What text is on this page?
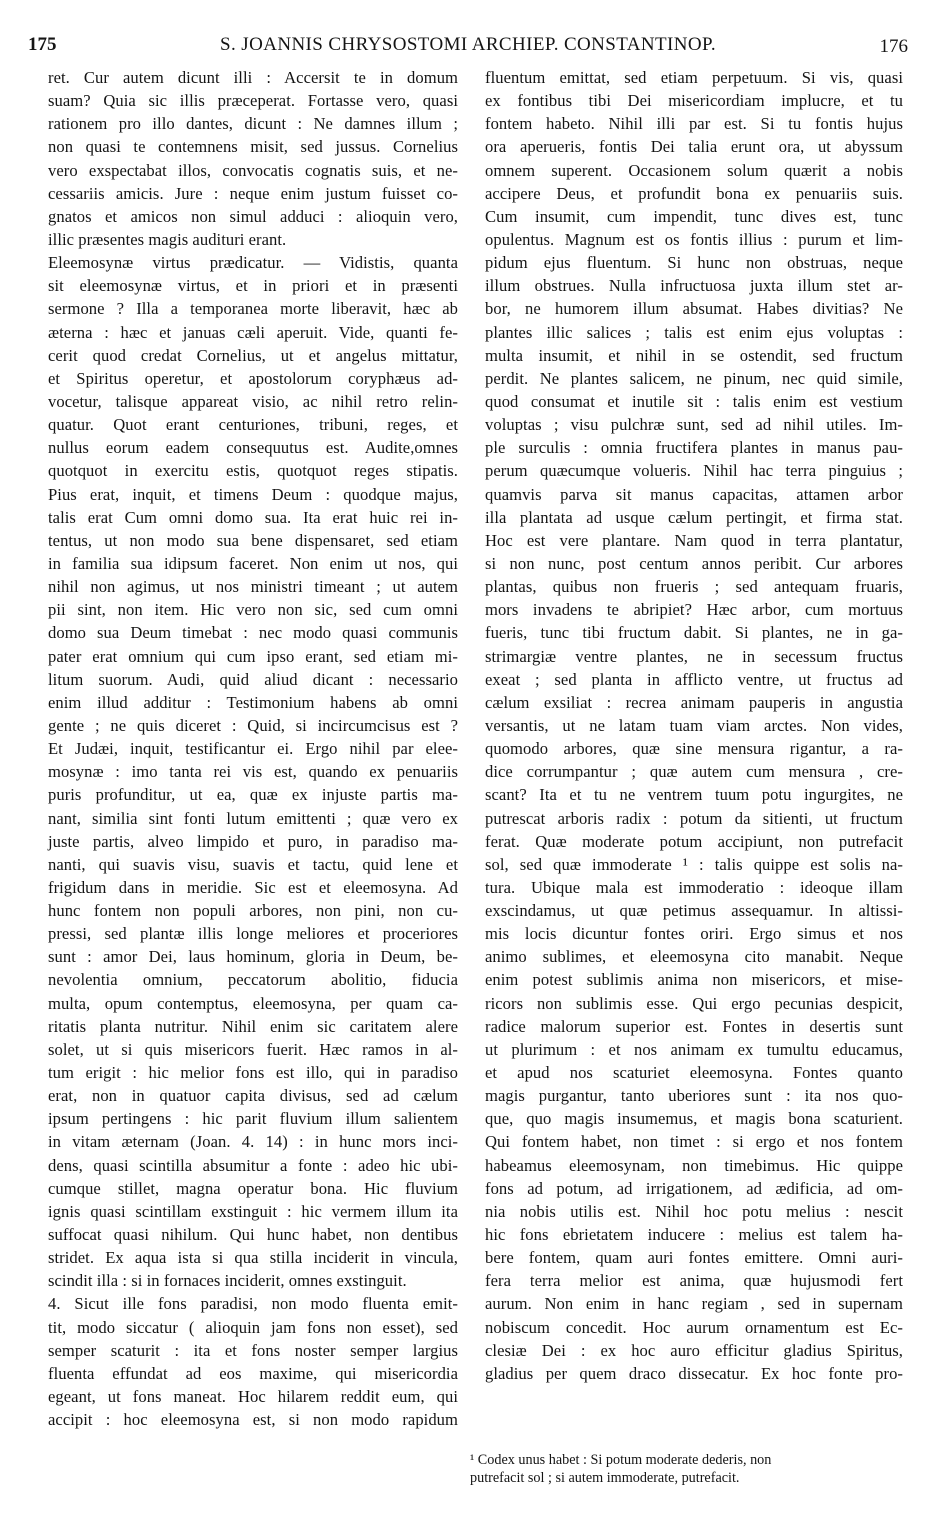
175	S. JOANNIS CHRYSOSTOMI ARCHIEP. CONSTANTINOP.	176
ret. Cur autem dicunt illi : Accersit te in domum
suam? Quia sic illis præceperat. Fortasse vero, quasi
rationem pro illo dantes, dicunt : Ne damnes illum ;
non quasi te contemnens misit, sed jussus. Cornelius
vero exspectabat illos, convocatis cognatis suis, et ne-
cessariis amicis. Jure : neque enim justum fuisset co-
gnatos et amicos non simul adduci : alioquin vero,
illic præsentes magis audituri erant.
Eleemosynæ virtus prædicatur. — Vidistis, quanta
sit eleemosynæ virtus, et in priori et in præsenti
sermone ? Illa a temporanea morte liberavit, hæc ab
æterna : hæc et januas cæli aperuit. Vide, quanti fe-
cerit quod credat Cornelius, ut et angelus mittatur,
et Spiritus operetur, et apostolorum coryphæus ad-
vocetur, talisque appareat visio, ac nihil retro relin-
quatur. Quot erant centuriones, tribuni, reges, et
nullus eorum eadem consequutus est. Audite,omnes
quotquot in exercitu estis, quotquot reges stipatis.
Pius erat, inquit, et timens Deum : quodque majus,
talis erat Cum omni domo sua. Ita erat huic rei in-
tentus, ut non modo sua bene dispensaret, sed etiam
in familia sua idipsum faceret. Non enim ut nos, qui
nihil non agimus, ut nos ministri timeant ; ut autem
pii sint, non item. Hic vero non sic, sed cum omni
domo sua Deum timebat : nec modo quasi communis
pater erat omnium qui cum ipso erant, sed etiam mi-
litum suorum. Audi, quid aliud dicant : necessario
enim illud additur : Testimonium habens ab omni
gente ; ne quis diceret : Quid, si incircumcisus est ?
Et Judæi, inquit, testificantur ei. Ergo nihil par elee-
mosynæ : imo tanta rei vis est, quando ex penuariis
puris profunditur, ut ea, quæ ex injuste partis ma-
nant, similia sint fonti lutum emittenti ; quæ vero ex
juste partis, alveo limpido et puro, in paradiso ma-
nanti, qui suavis visu, suavis et tactu, quid lene et
frigidum dans in meridie. Sic est et eleemosyna. Ad
hunc fontem non populi arbores, non pini, non cu-
pressi, sed plantæ illis longe meliores et proceriores
sunt : amor Dei, laus hominum, gloria in Deum, be-
nevolentia omnium, peccatorum abolitio, fiducia
multa, opum contemptus, eleemosyna, per quam ca-
ritatis planta nutritur. Nihil enim sic caritatem alere
solet, ut si quis misericors fuerit. Hæc ramos in al-
tum erigit : hic melior fons est illo, qui in paradiso
erat, non in quatuor capita divisus, sed ad cælum
ipsum pertingens : hic parit fluvium illum salientem
in vitam æternam (Joan. 4. 14) : in hunc mors inci-
dens, quasi scintilla absumitur a fonte : adeo hic ubi-
cumque stillet, magna operatur bona. Hic fluvium
ignis quasi scintillam exstinguit : hic vermem illum ita
suffocat quasi nihilum. Qui hunc habet, non dentibus
stridet. Ex aqua ista si qua stilla inciderit in vincula,
scindit illa : si in fornaces inciderit, omnes exstinguit.
4. Sicut ille fons paradisi, non modo fluenta emit-
tit, modo siccatur ( alioquin jam fons non esset), sed
semper scaturit : ita et fons noster semper largius
fluenta effundat ad eos maxime, qui misericordia
egeant, ut fons maneat. Hoc hilarem reddit eum, qui
accipit : hoc eleemosyna est, si non modo rapidum
fluentum emittat, sed etiam perpetuum. Si vis, quasi
ex fontibus tibi Dei misericordiam implucre, et tu
fontem habeto. Nihil illi par est. Si tu fontis hujus
ora aperueris, fontis Dei talia erunt ora, ut abyssum
omnem superent. Occasionem solum quærit a nobis
accipere Deus, et profundit bona ex penuariis suis.
Cum insumit, cum impendit, tunc dives est, tunc
opulentus. Magnum est os fontis illius : purum et lim-
pidum ejus fluentum. Si hunc non obstruas, neque
illum obstrues. Nulla infructuosa juxta illum stet ar-
bor, ne humorem illum absumat. Habes divitias? Ne
plantes illic salices ; talis est enim ejus voluptas :
multa insumit, et nihil in se ostendit, sed fructum
perdit. Ne plantes salicem, ne pinum, nec quid simile,
quod consumat et inutile sit : talis enim est vestium
voluptas ; visu pulchræ sunt, sed ad nihil utiles. Im-
ple surculis : omnia fructifera plantes in manus pau-
perum quæcumque volueris. Nihil hac terra pinguius ;
quamvis parva sit manus capacitas, attamen arbor
illa plantata ad usque cælum pertingit, et firma stat.
Hoc est vere plantare. Nam quod in terra plantatur,
si non nunc, post centum annos peribit. Cur arbores
plantas, quibus non frueris ; sed antequam fruaris,
mors invadens te abripiet? Hæc arbor, cum mortuus
fueris, tunc tibi fructum dabit. Si plantes, ne in ga-
strimargiæ ventre plantes, ne in secessum fructus
exeat ; sed planta in afflicto ventre, ut fructus ad
cælum exsiliat : recrea animam pauperis in angustia
versantis, ut ne latam tuam viam arctes. Non vides,
quomodo arbores, quæ sine mensura rigantur, a ra-
dice corrumpantur ; quæ autem cum mensura , cre-
scant? Ita et tu ne ventrem tuum potu ingurgites, ne
putrescat arboris radix : potum da sitienti, ut fructum
ferat. Quæ moderate potum accipiunt, non putrefacit
sol, sed quæ immoderate ¹ : talis quippe est solis na-
tura. Ubique mala est immoderatio : ideoque illam
exscindamus, ut quæ petimus assequamur. In altissi-
mis locis dicuntur fontes oriri. Ergo simus et nos
animo sublimes, et eleemosyna cito manabit. Neque
enim potest sublimis anima non misericors, et mise-
ricors non sublimis esse. Qui ergo pecunias despicit,
radice malorum superior est. Fontes in desertis sunt
ut plurimum : et nos animam ex tumultu educamus,
et apud nos scaturiet eleemosyna. Fontes quanto
magis purgantur, tanto uberiores sunt : ita nos quo-
que, quo magis insumemus, et magis bona scaturient.
Qui fontem habet, non timet : si ergo et nos fontem
habeamus eleemosynam, non timebimus. Hic quippe
fons ad potum, ad irrigationem, ad ædificia, ad om-
nia nobis utilis est. Nihil hoc potu melius : nescit
hic fons ebrietatem inducere : melius est talem ha-
bere fontem, quam auri fontes emittere. Omni auri-
fera terra melior est anima, quæ hujusmodi fert
aurum. Non enim in hanc regiam , sed in supernam
nobiscum concedit. Hoc aurum ornamentum est Ec-
clesiæ Dei : ex hoc auro efficitur gladius Spiritus,
gladius per quem draco dissecatur. Ex hoc fonte pro-
¹ Codex unus habet : Si potum moderate dederis, non
putrefacit sol ; si autem immoderate, putrefacit.
